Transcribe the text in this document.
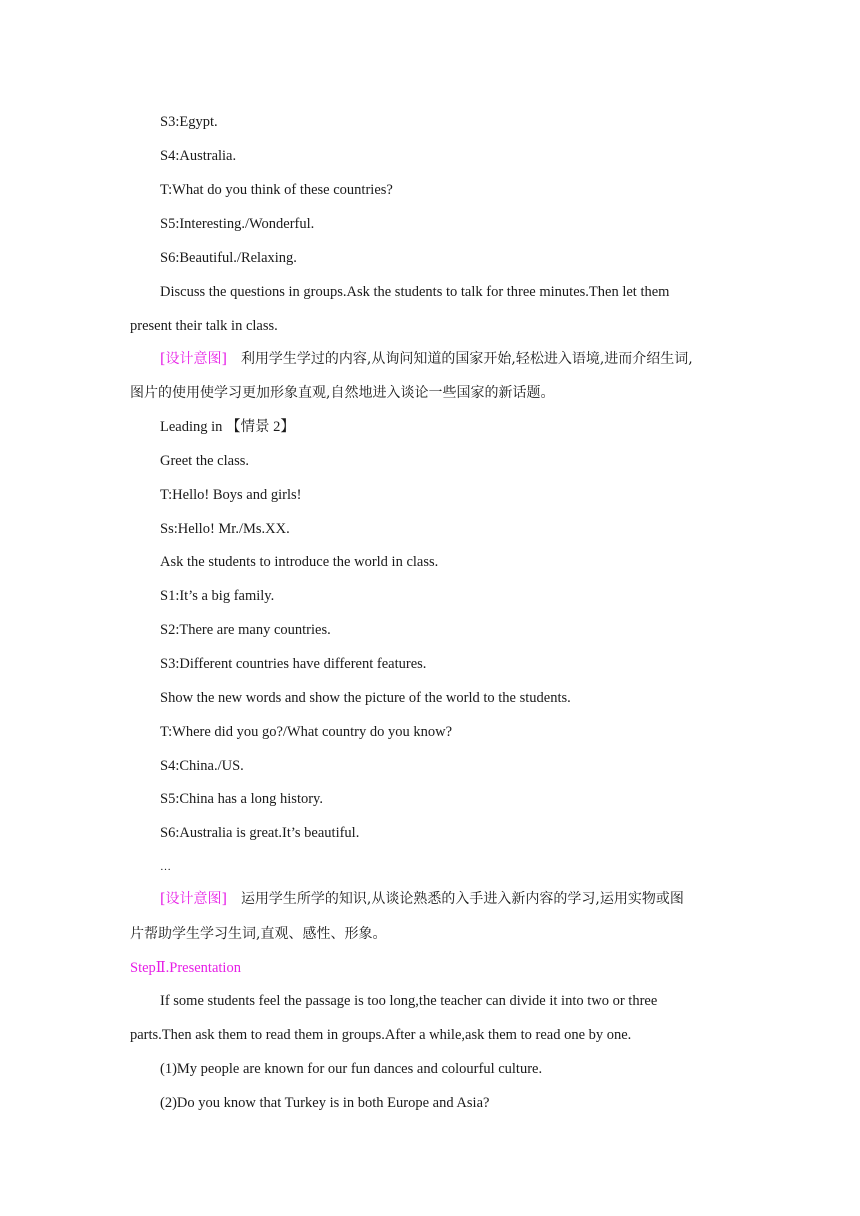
S3:Egypt.
S4:Australia.
T:What do you think of these countries?
S5:Interesting./Wonderful.
S6:Beautiful./Relaxing.
Discuss the questions in groups.Ask the students to talk for three minutes.Then let them
present their talk in class.
[设计意图] 利用学生学过的内容,从询问知道的国家开始,轻松进入语境,进而介绍生词,
图片的使用使学习更加形象直观,自然地进入谈论一些国家的新话题。
Leading in 【情景 2】
Greet the class.
T:Hello! Boys and girls!
Ss:Hello! Mr./Ms.XX.
Ask the students to introduce the world in class.
S1:It’s a big family.
S2:There are many countries.
S3:Different countries have different features.
Show the new words and show the picture of the world to the students.
T:Where did you go?/What country do you know?
S4:China./US.
S5:China has a long history.
S6:Australia is great.It’s beautiful.
…
[设计意图] 运用学生所学的知识,从谈论熟悉的入手进入新内容的学习,运用实物或图
片帮助学生学习生词,直观、感性、形象。
StepⅡ.Presentation
If some students feel the passage is too long,the teacher can divide it into two or three
parts.Then ask them to read them in groups.After a while,ask them to read one by one.
(1)My people are known for our fun dances and colourful culture.
(2)Do you know that Turkey is in both Europe and Asia?
